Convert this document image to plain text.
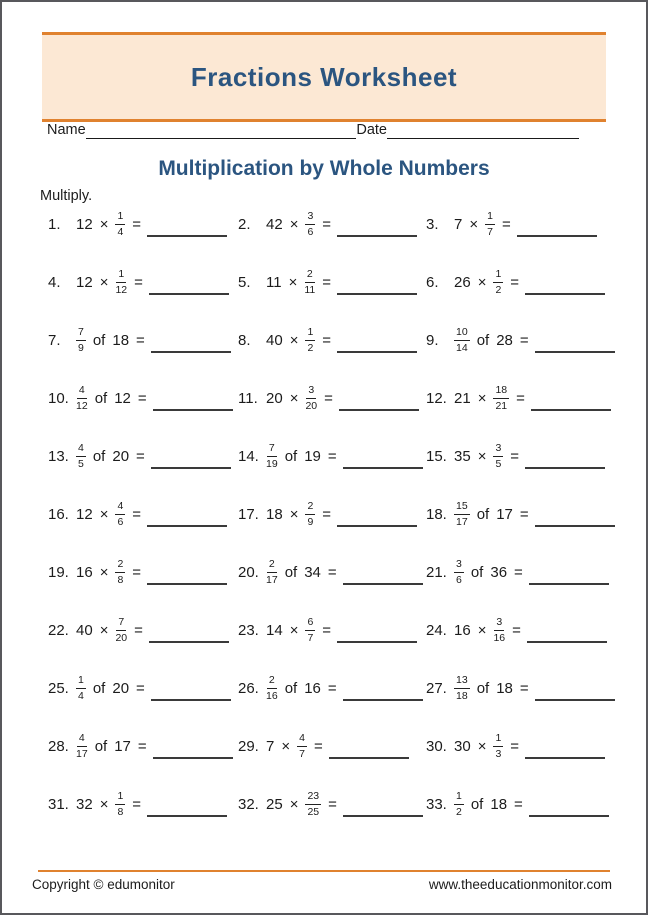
Fractions Worksheet
Name	Date
Multiplication by Whole Numbers
Multiply.
1.	$12 \times \frac{1}{4}$ =	2.	$42 \times \frac{3}{6}$ =	3.	$7 \times \frac{1}{7}$ =
4.	$12 \times \frac{1}{12}$ =	5.	$11 \times \frac{2}{11}$ =	6.	$26 \times \frac{1}{2}$ =
7.	$\frac{7}{9}$ of 18 =	8.	$40 \times \frac{1}{2}$ =	9.	$\frac{10}{14}$ of 28 =
10. $\frac{4}{12}$ of 12 =	11. $20 \times \frac{3}{20}$ =	12. $21 \times \frac{18}{21}$ =
13. $\frac{4}{5}$ of 20 =	14. $\frac{7}{19}$ of 19 =	15. $35 \times \frac{3}{5}$ =
16. $12 \times \frac{4}{6}$ =	17. $18 \times \frac{2}{9}$ =	18. $\frac{15}{17}$ of 17 =
19. $16 \times \frac{2}{8}$ =	20. $\frac{2}{17}$ of 34 =	21. $\frac{3}{6}$ of 36 =
22. $40 \times \frac{7}{20}$ =	23. $14 \times \frac{6}{7}$ =	24. $16 \times \frac{3}{16}$ =
25. $\frac{1}{4}$ of 20 =	26. $\frac{2}{16}$ of 16 =	27. $\frac{13}{18}$ of 18 =
28. $\frac{4}{17}$ of 17 =	29. $7 \times \frac{4}{7}$ =	30. $30 \times \frac{1}{3}$ =
31. $32 \times \frac{1}{8}$ =	32. $25 \times \frac{23}{25}$ =	33. $\frac{1}{2}$ of 18 =
Copyright © edumonitor	www.theeducationmonitor.com
